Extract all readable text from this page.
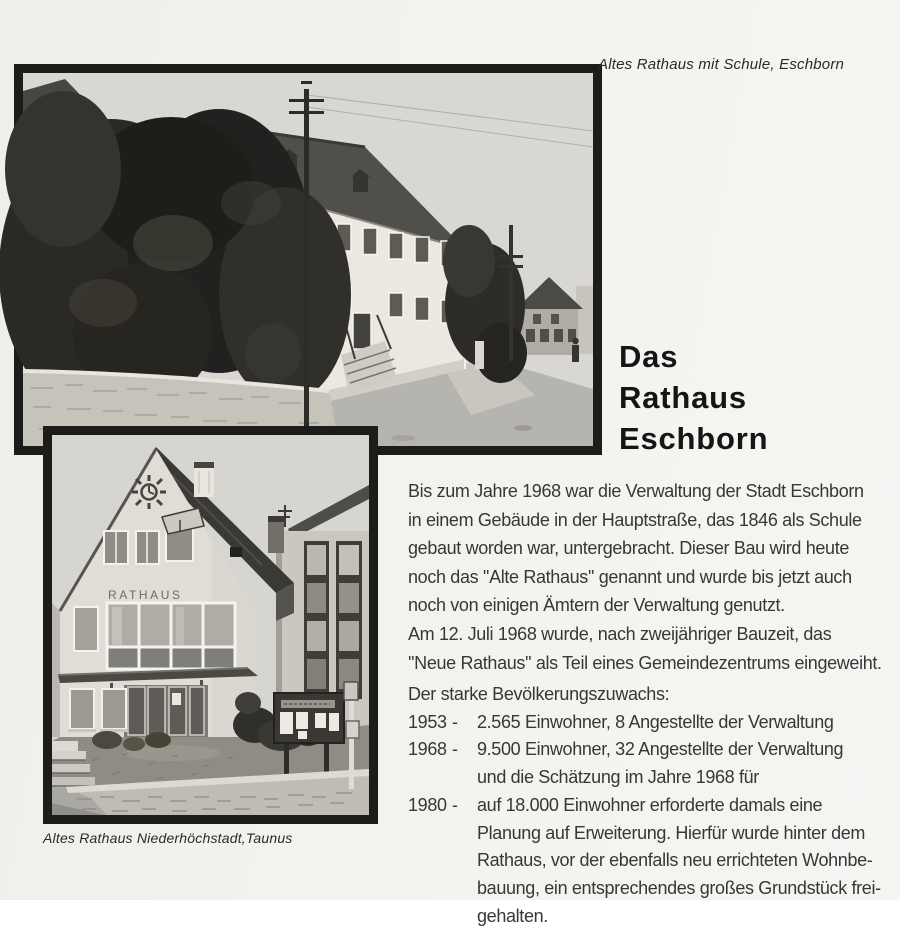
Altes Rathaus mit Schule, Eschborn
RATHAUS
Altes Rathaus Niederhöchstadt,Taunus
Das
Rathaus
Eschborn
Bis zum Jahre 1968 war die Verwaltung der Stadt Eschborn
in einem Gebäude in der Hauptstraße, das 1846 als Schule
gebaut worden war, untergebracht. Dieser Bau wird heute
noch das ''Alte Rathaus'' genannt und wurde bis jetzt auch
noch von einigen Ämtern der Verwaltung genutzt.
Am 12. Juli 1968 wurde, nach zweijähriger Bauzeit, das
''Neue Rathaus'' als Teil eines Gemeindezentrums eingeweiht.
Der starke Bevölkerungszuwachs:
1953 -	2.565 Einwohner, 8 Angestellte der Verwaltung
1968 -	9.500 Einwohner, 32 Angestellte der Verwaltung
und die Schätzung im Jahre 1968 für
1980 -	auf 18.000 Einwohner erforderte damals eine
Planung auf Erweiterung. Hierfür wurde hinter dem
Rathaus, vor der ebenfalls neu errichteten Wohnbe-
bauung, ein entsprechendes großes Grundstück frei-
gehalten.
